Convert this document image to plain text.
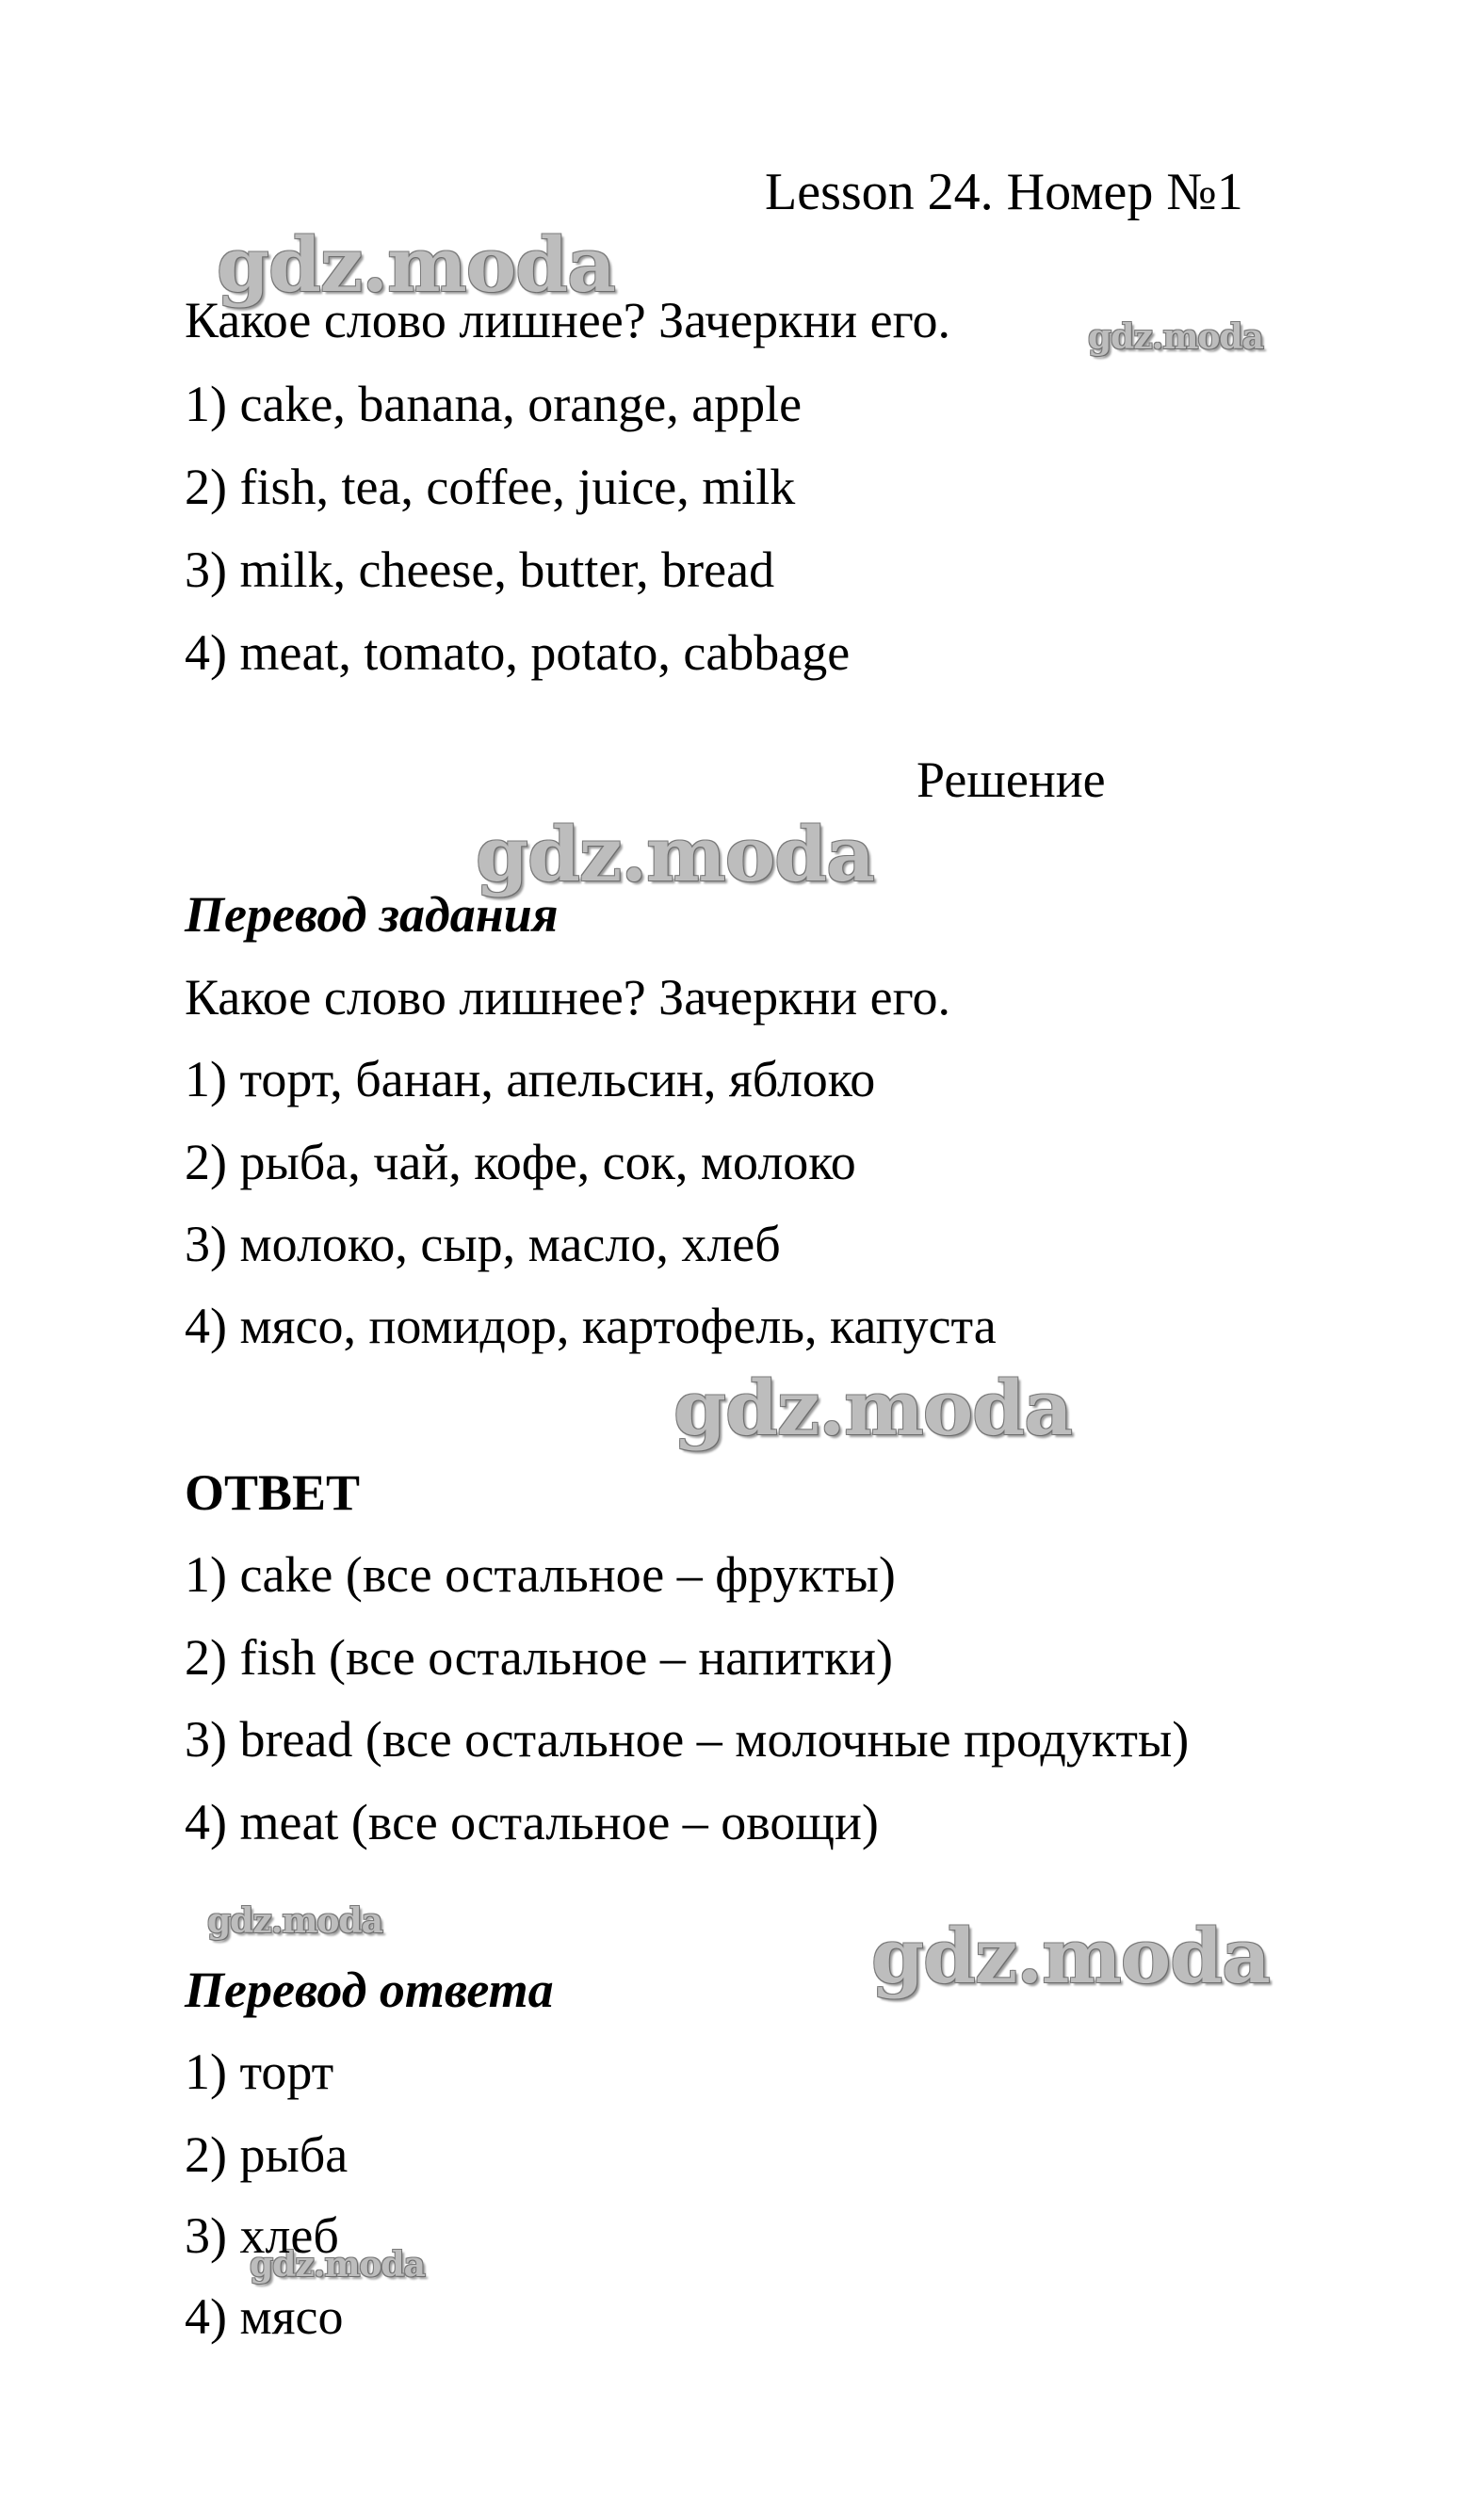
Lesson 24. Номер №1
gdz.moda
gdz.moda
gdz.moda
gdz.moda
gdz.moda	gdz.moda
gdz.moda
Какое слово лишнее? Зачеркни его.
1) cake, banana, orange, apple
2) fish, tea, coffee, juice, milk
3) milk, cheese, butter, bread
4) meat, tomato, potato, cabbage
Решение
Перевод задания
Какое слово лишнее? Зачеркни его.
1) торт, банан, апельсин, яблоко
2) рыба, чай, кофе, сок, молоко
3) молоко, сыр, масло, хлеб
4) мясо, помидор, картофель, капуста
ОТВЕТ
1) cake (все остальное – фрукты)
2) fish (все остальное – напитки)
3) bread (все остальное – молочные продукты)
4) meat (все остальное – овощи)
Перевод ответа
1) торт
2) рыба
3) хлеб
4) мясо
